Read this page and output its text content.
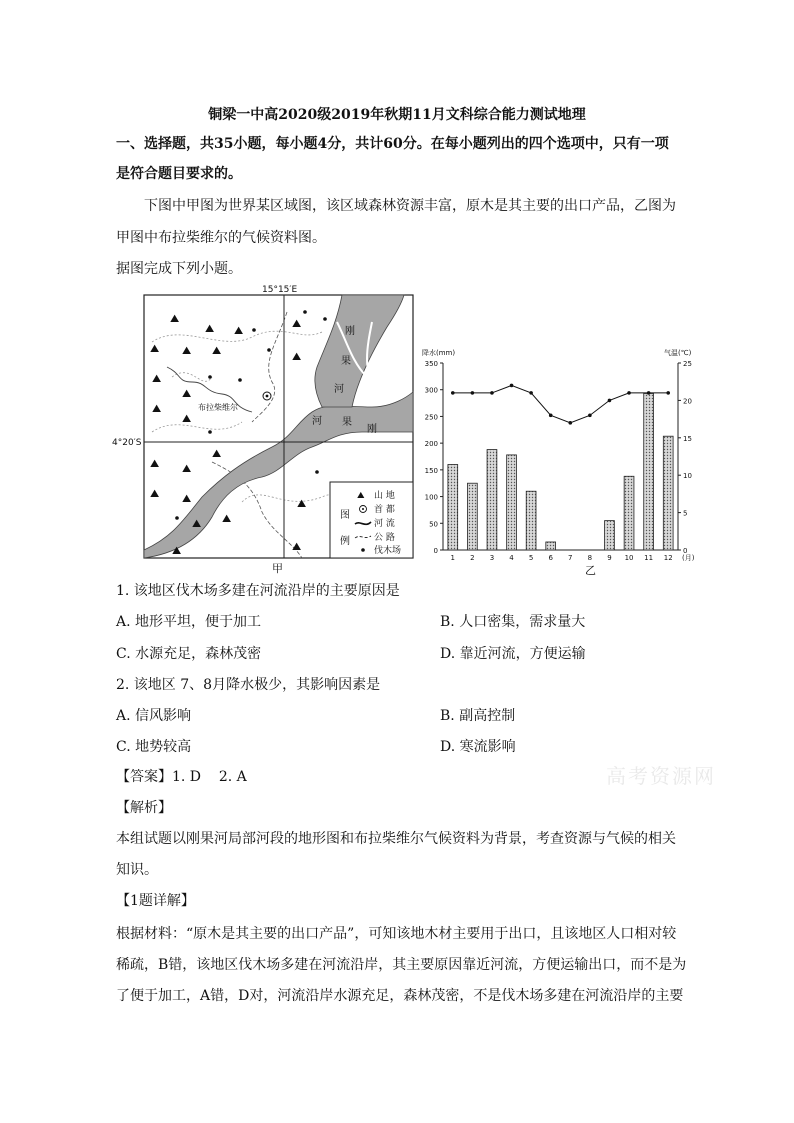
铜梁一中高2020级2019年秋期11月文科综合能力测试地理
一、选择题，共35小题，每小题4分，共计60分。在每小题列出的四个选项中，只有一项
是符合题目要求的。
下图中甲图为世界某区域图，该区域森林资源丰富，原木是其主要的出口产品，乙图为
甲图中布拉柴维尔的气候资料图。
据图完成下列小题。
刚
果
河
河 果
刚
15°15′E
4°20′S
布拉柴维尔
⛰
⛰ ⛰
⛰
⛰ ⛰ ⛰	⛰
⛰
⛰
⛰
⛰
⛰ ⛰
⛰
⛰ ⛰	⛰
⛰ ⛰
⛰	⛰
图
例
⛰ 山 地
首 都
河 流
公 路
伐木场
甲
0
50
100
150
200
250
300
350
0
5
10
15
20
25
降水(mm)	气温(℃)
1 2 3 4 5 6 7 8 9 10 11 12 (月)
乙
1. 该地区伐木场多建在河流沿岸的主要原因是
A. 地形平坦，便于加工	B. 人口密集，需求量大
C. 水源充足，森林茂密	D. 靠近河流，方便运输
2. 该地区 7、8月降水极少，其影响因素是
A. 信风影响	B. 副高控制
C. 地势较高	D. 寒流影响
【答案】1. D    2. A
【解析】
本组试题以刚果河局部河段的地形图和布拉柴维尔气候资料为背景，考查资源与气候的相关
知识。
【1题详解】
根据材料：“原木是其主要的出口产品”，可知该地木材主要用于出口，且该地区人口相对较
稀疏，B错，该地区伐木场多建在河流沿岸，其主要原因靠近河流，方便运输出口，而不是为
了便于加工，A错，D对，河流沿岸水源充足，森林茂密，不是伐木场多建在河流沿岸的主要
高考资源网
